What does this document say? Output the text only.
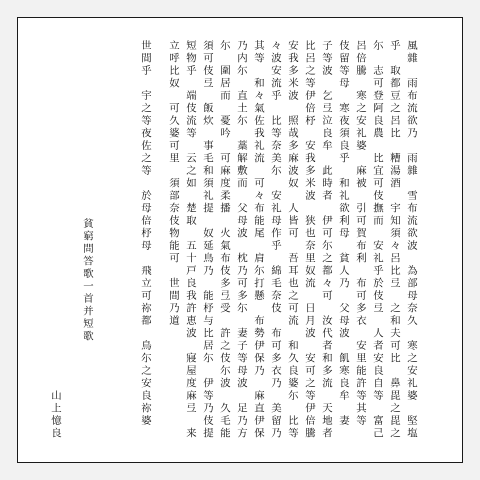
風雜　雨布流欲乃　雨雜　雪布流欲波　為部母奈久　寒之安礼婆　堅塩
乎　取都豆之呂比　糟湯酒　宇知須々呂比弖　之和夫可比　鼻毘之毘之
尓　志可登阿良農　比宜可伎撫而　安礼乎於伎弖　人者安良自等　富己
呂倍騰　寒之安礼婆　麻被　引可賀布利　布可多衣　安里能許等其等
伎留等母　寒夜須良乎　和礼欲利母　貧人乃　父母波　飢寒良牟　妻
子等波　乞弖泣良牟　此時者　伊可尓之都々可　汝代者和多流　天地者
比呂之等伊倍杼　安我多米波　狭也奈里奴流　日月波　安可之等伊倍騰
安我多米波　照哉多麻波奴　人皆可　吾耳也之可流　和久良婆尓　比等
々波安流乎　比等奈美尓　安礼母作乎　綿毛奈伎　布可多衣乃　美留乃
其等　和々氣佐我礼流　可々布能尾　肩尓打懸　布勢伊保乃　麻直伊保
乃内尓　直土尓　藁解敷而　父母波　枕乃可多尓　妻子等母波　足乃方
尓　圍居而　憂吟　可麻度柔播　火氣布伎多弖受　許之伎尓波　久毛能
須可伎弖　飯炊　事毛和須礼提　奴延鳥乃　能杼与比居尓　伊等乃伎提
短物乎　端伎流等　云之如　楚取　五十戸良我許恵波　寢屋度麻弖　来
立呼比奴　可久婆可里　須部奈伎物能可　世間乃道
世間乎　宇之等夜佐之等　於母倍杼母　飛立可祢都　鳥尓之安良祢婆
貧窮問答歌一首并短歌
山上憶良
